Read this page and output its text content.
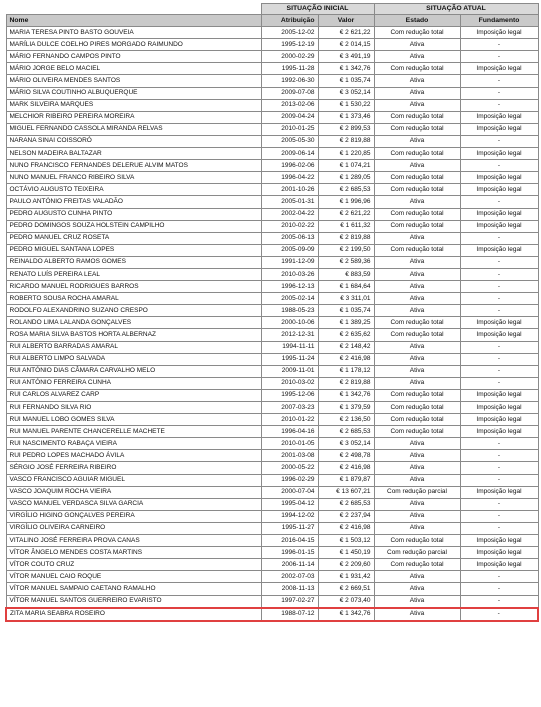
	SITUAÇÃO INICIAL		SITUAÇÃO ATUAL	
Nome	Atribuição	Valor	Estado	Fundamento
MARIA TERESA PINTO BASTO GOUVEIA	2005-12-02	€ 2 621,22	Com redução total	Imposição legal
MARÍLIA DULCE COELHO PIRES MORGADO RAIMUNDO	1995-12-19	€ 2 014,15	Ativa	-
MÁRIO FERNANDO CAMPOS PINTO	2000-02-29	€ 3 491,19	Ativa	-
MÁRIO JORGE BELO MACIEL	1995-11-28	€ 1 342,76	Com redução total	Imposição legal
MÁRIO OLIVEIRA MENDES SANTOS	1992-06-30	€ 1 035,74	Ativa	-
MÁRIO SILVA COUTINHO ALBUQUERQUE	2009-07-08	€ 3 052,14	Ativa	-
MARK SILVEIRA MARQUES	2013-02-06	€ 1 530,22	Ativa	-
MELCHIOR RIBEIRO PEREIRA MOREIRA	2009-04-24	€ 1 373,46	Com redução total	Imposição legal
MIGUEL FERNANDO CASSOLA MIRANDA RELVAS	2010-01-25	€ 2 899,53	Com redução total	Imposição legal
NARANA SINAI COISSORÓ	2005-05-30	€ 2 819,88	Ativa	-
NELSON MADEIRA BALTAZAR	2009-06-14	€ 1 220,85	Com redução total	Imposição legal
NUNO FRANCISCO FERNANDES DELERUE ALVIM MATOS	1996-02-06	€ 1 074,21	Ativa	-
NUNO MANUEL FRANCO RIBEIRO SILVA	1996-04-22	€ 1 289,05	Com redução total	Imposição legal
OCTÁVIO AUGUSTO TEIXEIRA	2001-10-26	€ 2 685,53	Com redução total	Imposição legal
PAULO ANTÓNIO FREITAS VALADÃO	2005-01-31	€ 1 996,96	Ativa	-
PEDRO AUGUSTO CUNHA PINTO	2002-04-22	€ 2 621,22	Com redução total	Imposição legal
PEDRO DOMINGOS SOUZA HOLSTEIN CAMPILHO	2010-02-22	€ 1 611,32	Com redução total	Imposição legal
PEDRO MANUEL CRUZ ROSETA	2005-06-13	€ 2 819,88	Ativa	-
PEDRO MIGUEL SANTANA LOPES	2005-09-09	€ 2 199,50	Com redução total	Imposição legal
REINALDO ALBERTO RAMOS GOMES	1991-12-09	€ 2 589,36	Ativa	-
RENATO LUÍS PEREIRA LEAL	2010-03-26	€ 883,59	Ativa	-
RICARDO MANUEL RODRIGUES BARROS	1996-12-13	€ 1 684,64	Ativa	-
ROBERTO SOUSA ROCHA AMARAL	2005-02-14	€ 3 311,01	Ativa	-
RODOLFO ALEXANDRINO SUZANO CRESPO	1988-05-23	€ 1 035,74	Ativa	-
ROLANDO LIMA LALANDA GONÇALVES	2000-10-06	€ 1 389,25	Com redução total	Imposição legal
ROSA MARIA SILVA BASTOS HORTA ALBERNAZ	2012-12-31	€ 2 635,62	Com redução total	Imposição legal
RUI ALBERTO BARRADAS AMARAL	1994-11-11	€ 2 148,42	Ativa	-
RUI ALBERTO LIMPO SALVADA	1995-11-24	€ 2 416,98	Ativa	-
RUI ANTÓNIO DIAS CÂMARA CARVALHO MELO	2009-11-01	€ 1 178,12	Ativa	-
RUI ANTÓNIO FERREIRA CUNHA	2010-03-02	€ 2 819,88	Ativa	-
RUI CARLOS ALVAREZ CARP	1995-12-06	€ 1 342,76	Com redução total	Imposição legal
RUI FERNANDO SILVA RIO	2007-03-23	€ 1 379,59	Com redução total	Imposição legal
RUI MANUEL LOBO GOMES SILVA	2010-01-22	€ 2 136,50	Com redução total	Imposição legal
RUI MANUEL PARENTE CHANCERELLE MACHETE	1996-04-16	€ 2 685,53	Com redução total	Imposição legal
RUI NASCIMENTO RABAÇA VIEIRA	2010-01-05	€ 3 052,14	Ativa	-
RUI PEDRO LOPES MACHADO ÁVILA	2001-03-08	€ 2 498,78	Ativa	-
SÉRGIO JOSÉ FERREIRA RIBEIRO	2000-05-22	€ 2 416,98	Ativa	-
VASCO FRANCISCO AGUIAR MIGUEL	1996-02-29	€ 1 879,87	Ativa	-
VASCO JOAQUIM ROCHA VIEIRA	2000-07-04	€ 13 607,21	Com redução parcial	Imposição legal
VASCO MANUEL VERDASCA SILVA GARCIA	1995-04-12	€ 2 685,53	Ativa	-
VIRGÍLIO HIGINO GONÇALVES PEREIRA	1994-12-02	€ 2 237,94	Ativa	-
VIRGÍLIO OLIVEIRA CARNEIRO	1995-11-27	€ 2 416,98	Ativa	-
VITALINO JOSÉ FERREIRA PROVA CANAS	2016-04-15	€ 1 503,12	Com redução total	Imposição legal
VÍTOR ÂNGELO MENDES COSTA MARTINS	1996-01-15	€ 1 450,19	Com redução parcial	Imposição legal
VÍTOR COUTO CRUZ	2006-11-14	€ 2 209,60	Com redução total	Imposição legal
VÍTOR MANUEL CAIO ROQUE	2002-07-03	€ 1 931,42	Ativa	-
VÍTOR MANUEL SAMPAIO CAETANO RAMALHO	2008-11-13	€ 2 669,51	Ativa	-
VÍTOR MANUEL SANTOS GUERREIRO EVARISTO	1997-02-27	€ 2 073,40	Ativa	-
ZITA MARIA SEABRA ROSEIRO	1988-07-12	€ 1 342,76	Ativa	-
